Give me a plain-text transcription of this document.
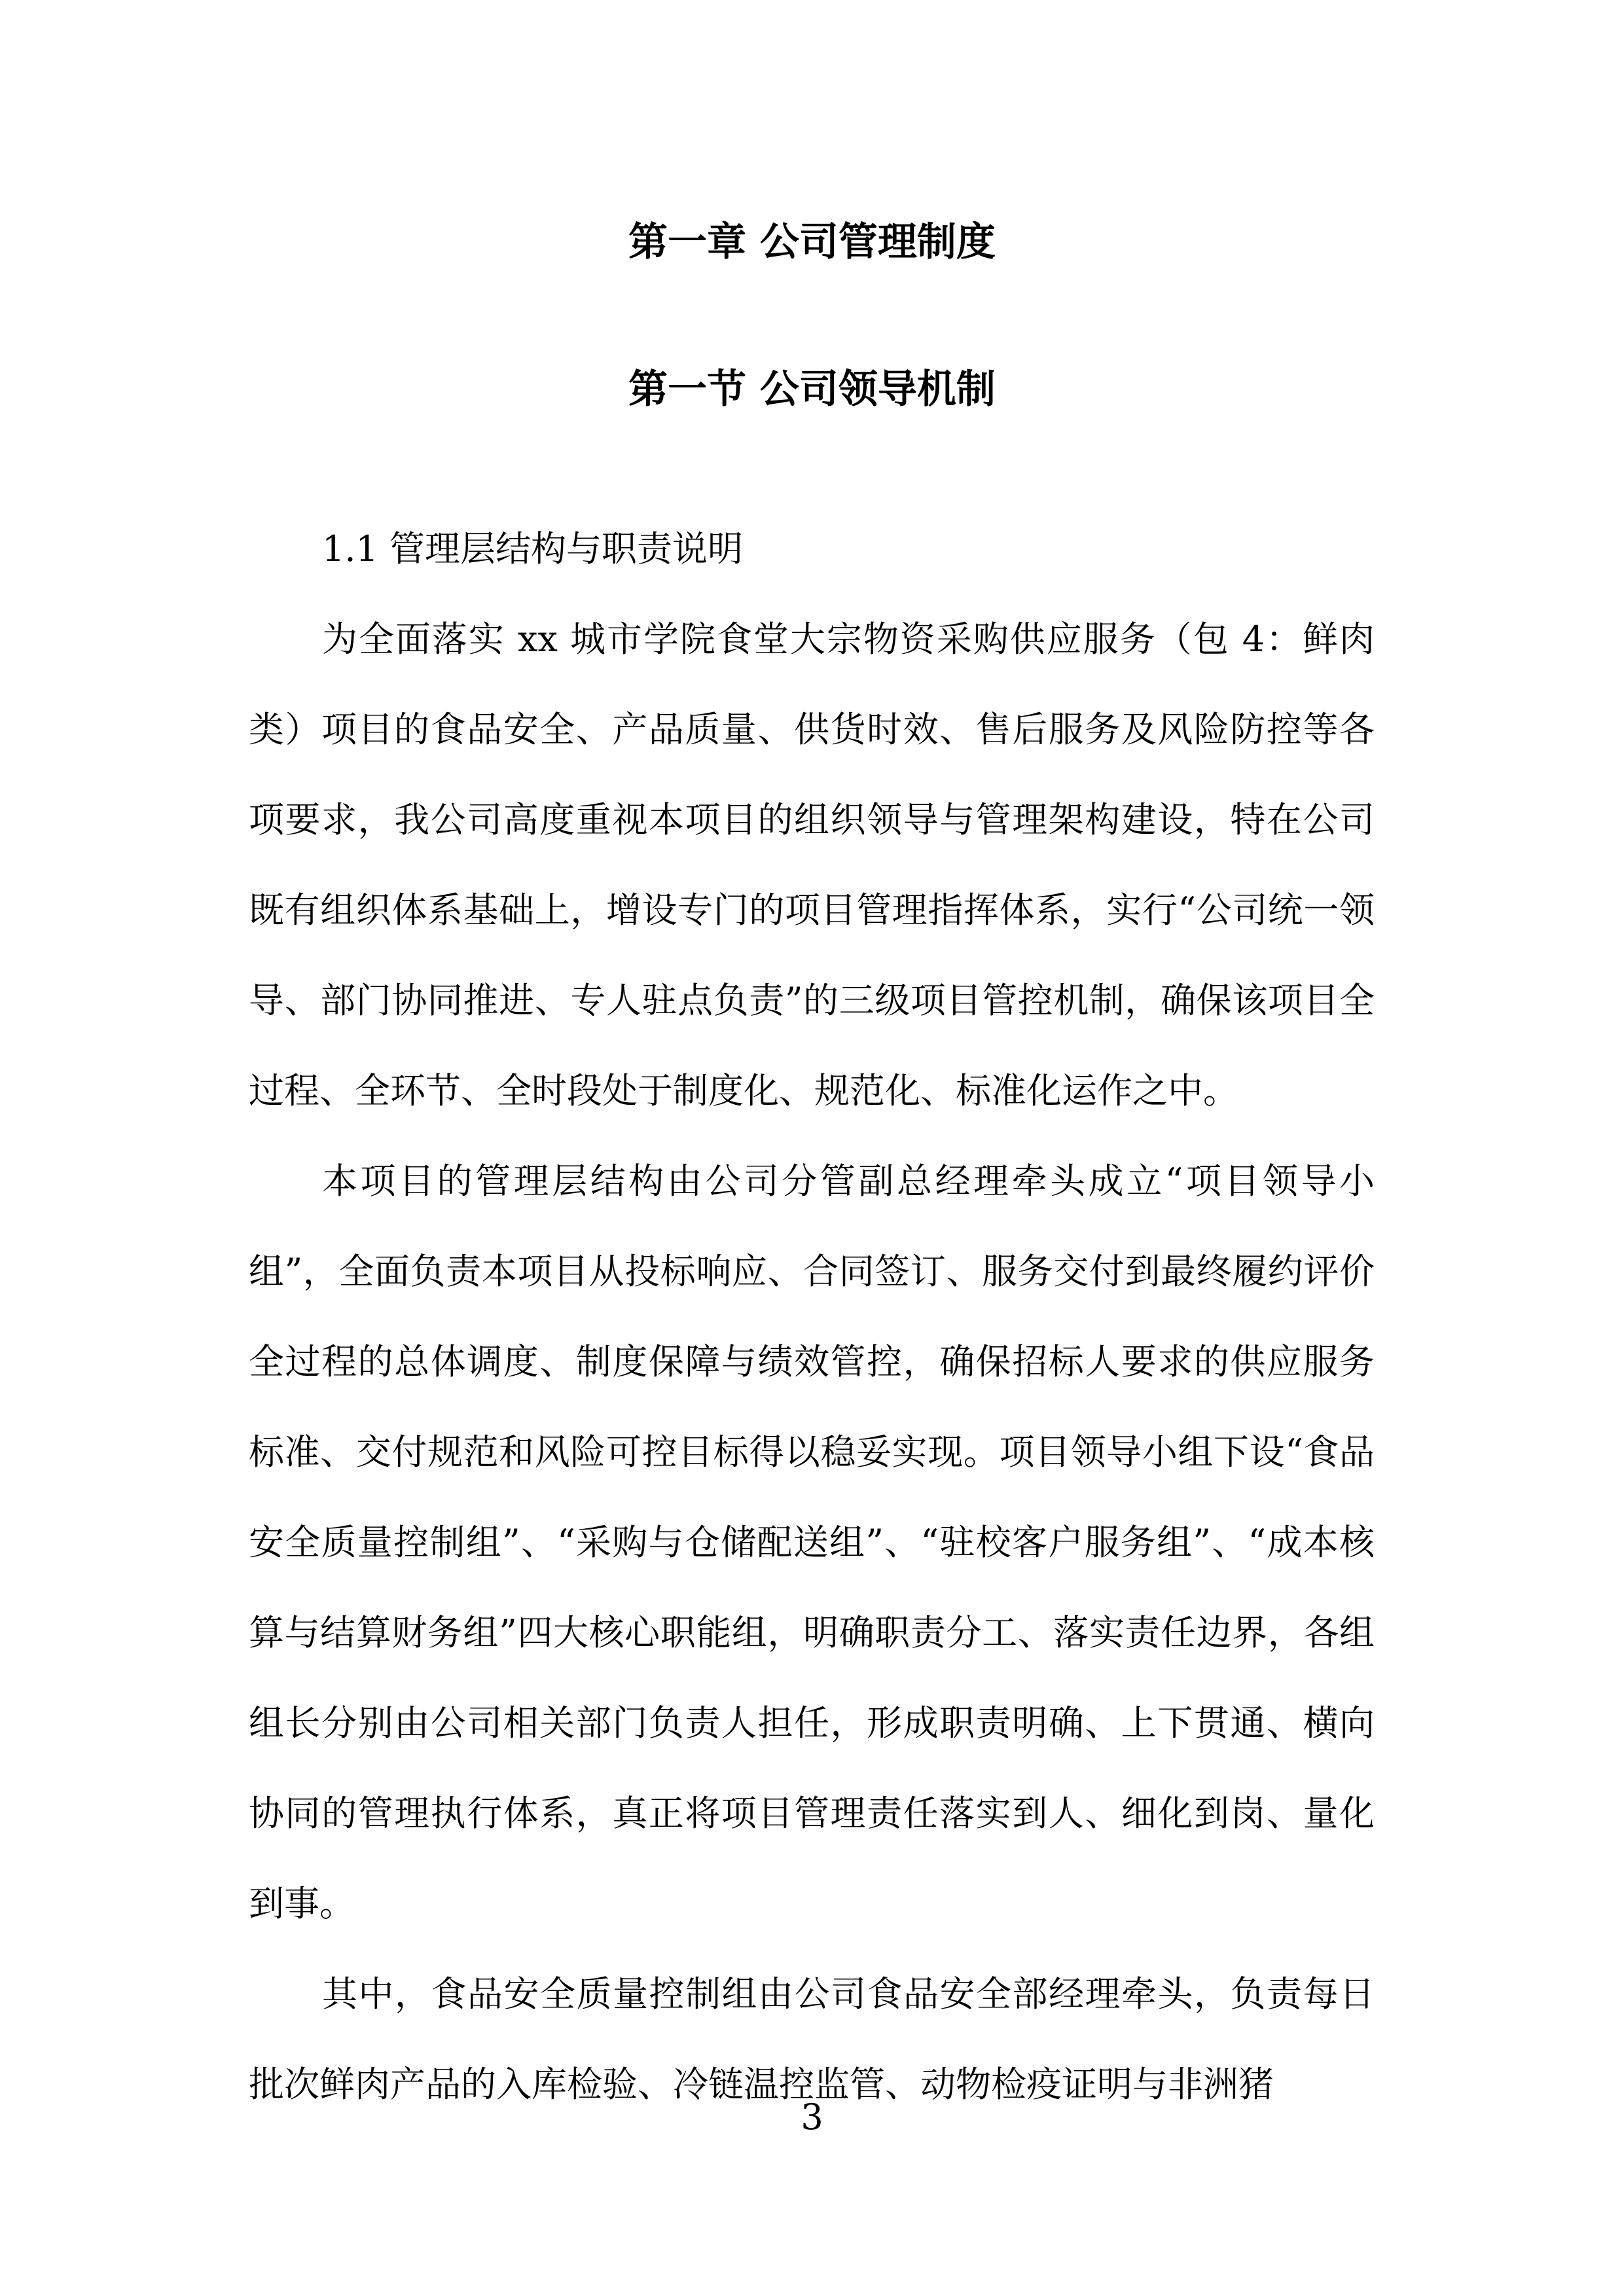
第一章 公司管理制度
第一节 公司领导机制

1.1 管理层结构与职责说明

为全面落实 xx 城市学院食堂大宗物资采购供应服务（包 4：鲜肉类）项目的食品安全、产品质量、供货时效、售后服务及风险防控等各项要求，我公司高度重视本项目的组织领导与管理架构建设，特在公司既有组织体系基础上，增设专门的项目管理指挥体系，实行“公司统一领导、部门协同推进、专人驻点负责”的三级项目管控机制，确保该项目全过程、全环节、全时段处于制度化、规范化、标准化运作之中。

本项目的管理层结构由公司分管副总经理牵头成立“项目领导小组”，全面负责本项目从投标响应、合同签订、服务交付到最终履约评价全过程的总体调度、制度保障与绩效管控，确保招标人要求的供应服务标准、交付规范和风险可控目标得以稳妥实现。项目领导小组下设“食品安全质量控制组”、“采购与仓储配送组”、“驻校客户服务组”、“成本核算与结算财务组”四大核心职能组，明确职责分工、落实责任边界，各组组长分别由公司相关部门负责人担任，形成职责明确、上下贯通、横向协同的管理执行体系，真正将项目管理责任落实到人、细化到岗、量化到事。

其中，食品安全质量控制组由公司食品安全部经理牵头，负责每日批次鲜肉产品的入库检验、冷链温控监管、动物检疫证明与非洲猪

3
